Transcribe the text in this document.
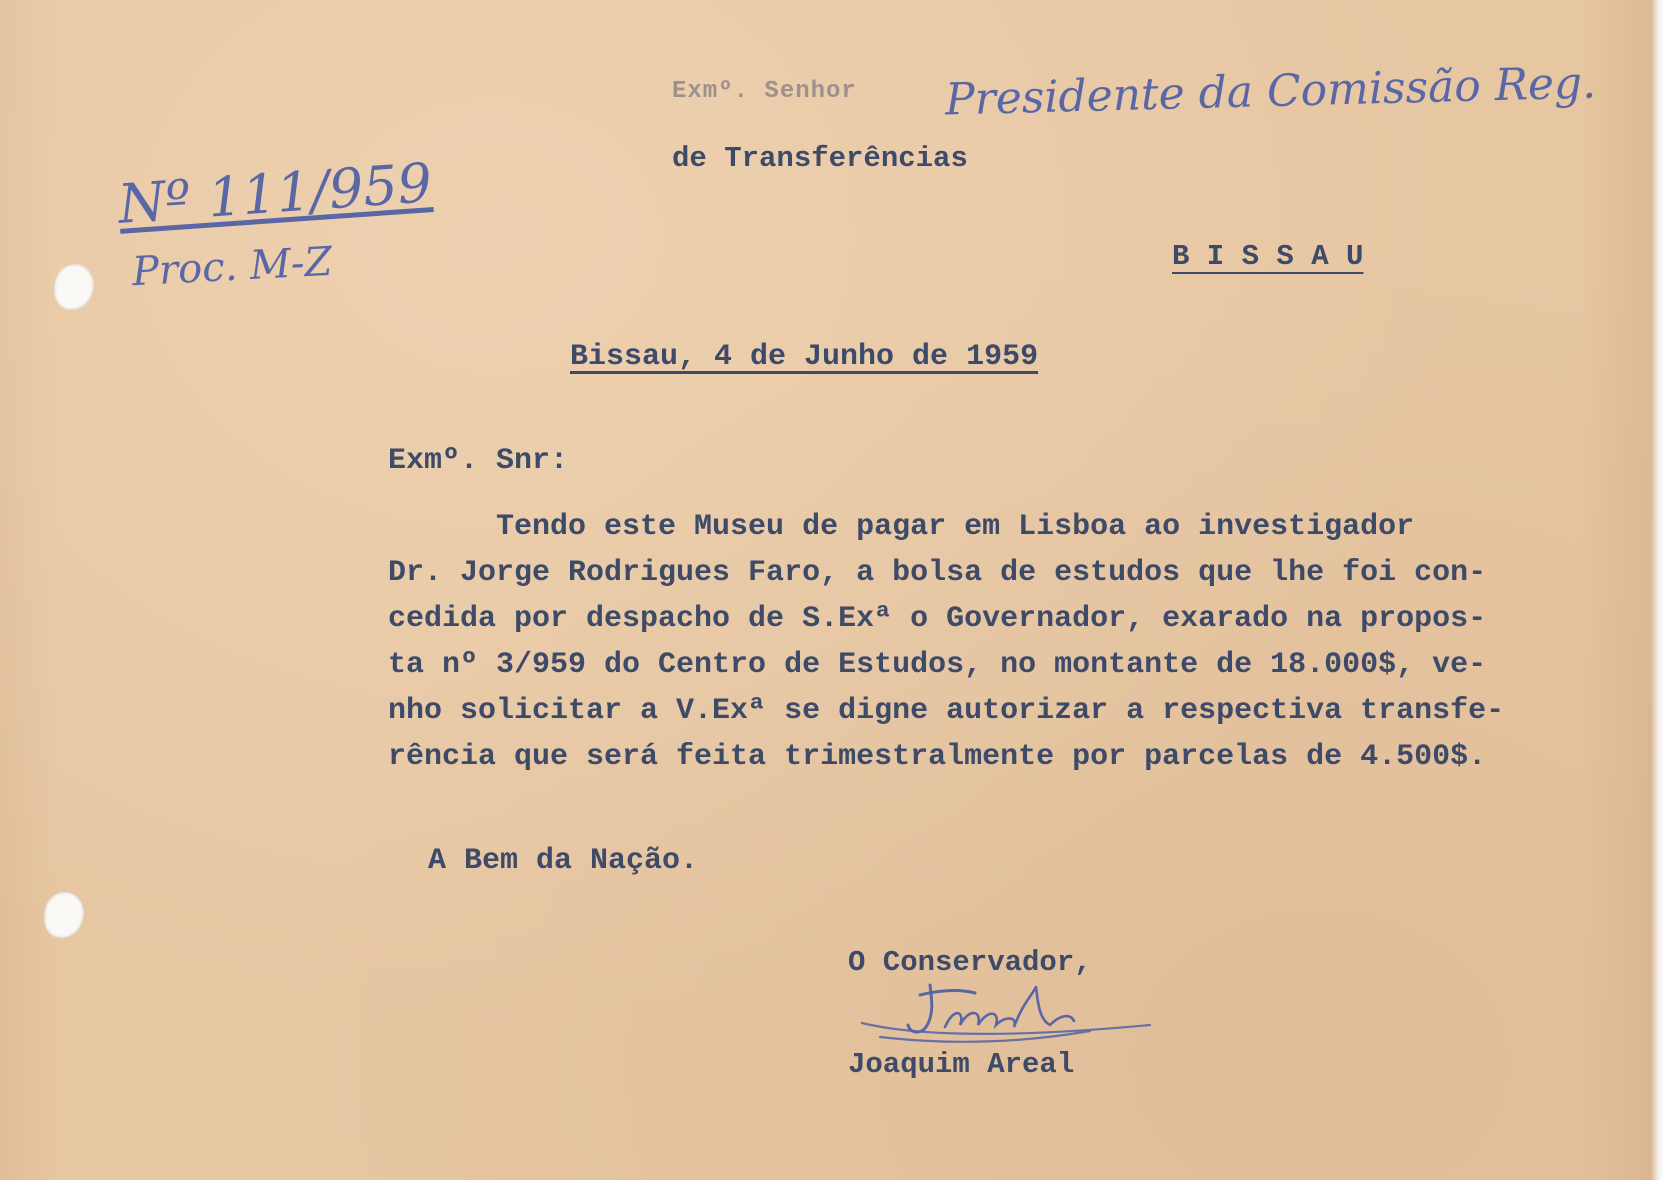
Exmº. Senhor Presidente da Comissão Reg.

de Transferências

B I S S A U

Nº 111/959

Proc. M-Z

Bissau, 4 de Junho de 1959

Exmº. Snr:

Tendo este Museu de pagar em Lisboa ao investigador

Dr. Jorge Rodrigues Faro, a bolsa de estudos que lhe foi con-

cedida por despacho de S.Exª o Governador, exarado na propos-

ta nº 3/959 do Centro de Estudos, no montante de 18.000$, ve-

nho solicitar a V.Exª se digne autorizar a respectiva transfe-

rência que será feita trimestralmente por parcelas de 4.500$.

A Bem da Nação.

O Conservador,

Joaquim Areal
